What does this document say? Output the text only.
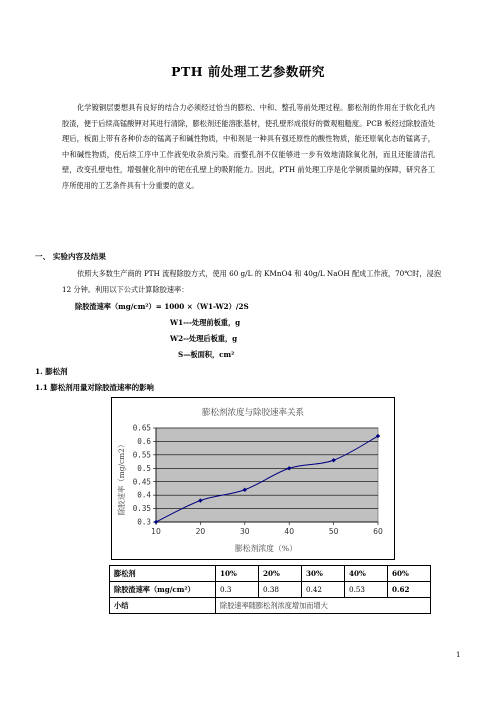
PTH 前处理工艺参数研究
化学镀铜层要想具有良好的结合力必须经过恰当的膨松、中和、整孔等前处理过程。膨松剂的作用在于软化孔内胶渣，便于后续高锰酸钾对其进行清除，膨松剂还能溶胀基材，使孔壁形成很好的微观粗糙度。PCB 板经过除胶渣处理后，板面上带有各种价态的锰离子和碱性物质，中和剂是一种具有强还原性的酸性物质，能还原氧化态的锰离子，中和碱性物质，使后续工序中工作液免收杂质污染。而整孔剂不仅能够进一步有效地清除氧化剂，而且还能清洁孔壁，改变孔壁电性，增强催化剂中的钯在孔壁上的吸附能力。因此，PTH 前处理工序是化学铜质量的保障，研究各工序所使用的工艺条件具有十分重要的意义。
一、 实验内容及结果
依照大多数生产商的 PTH 流程除胶方式，使用 60 g/L 的 KMnO4 和 40g/L NaOH 配成工作液，70℃时，浸泡 12 分钟。利用以下公式计算除胶速率：
除胶渣速率（mg/cm²）= 1000 ×（W1-W2）/2S
W1---处理前板重，g
W2--处理后板重，g
S—板面积，cm²
1. 膨松剂
1.1 膨松剂用量对除胶渣速率的影响
膨松剂浓度与除胶速率关系
0.3
0.35
0.4
0.45
0.5
0.55
0.6
0.65
10	20	30	40	50	60
膨松剂浓度（%）
除胶速率（mg/cm2）
膨松剂	10%	20%	30%	40%	60%
除胶渣速率（mg/cm²）	0.3	0.38	0.42	0.53	0.62
小结	除胶速率随膨松剂浓度增加而增大				
1
